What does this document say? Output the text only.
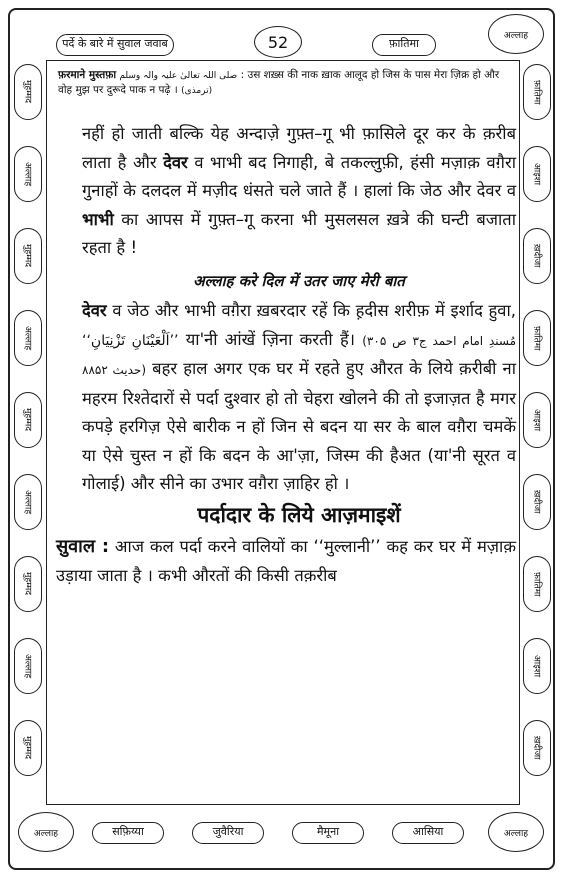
पर्दे के बारे में सुवाल जवाब	52	फ़ातिमा
अल्लाह
मुह़म्मद
अल्लाह
मुह़म्मद
अल्लाह
मुह़म्मद
अल्लाह
मुह़म्मद
अल्लाह
मुह़म्मद
फ़ातिमा
आइशा
ख़दीजा
फ़ातिमा
आइशा
ख़दीजा
फ़ातिमा
आइशा
ख़दीजा
फ़रमाने मुस्तफ़ा صلی اللہ تعالیٰ علیہ والہ وسلم : उस शख़्स की नाक ख़ाक आलूद हो जिस के पास मेरा ज़िक्र हो और वोह मुझ पर दुरूदे पाक न पढ़े । (ترمذی)

नहीं हो जाती बल्कि येह अन्दाज़े गुफ़्त–गू भी फ़ासिले दूर कर के क़रीब लाता है और देवर व भाभी बद निगाही, बे तकल्लुफ़ी, हंसी मज़ाक़ वग़ैरा गुनाहों के दलदल में मज़ीद धंसते चले जाते हैं । हालां कि जेठ और देवर व भाभी का आपस में गुफ़्त–गू करना भी मुसलसल ख़त्रे की घन्टी बजाता रहता है !

अल्लाह करे दिल में उतर जाए मेरी बात

देवर व जेठ और भाभी वग़ैरा ख़बरदार रहें कि ह़दीस शरीफ़ में इर्शाद हुवा, ‘‘اَلْعَيْنَانِ تَزْنِيَانِ’’ या'नी आंखें ज़िना करती हैं। (مُسندِ امام احمد ج۳ ص ۳۰۵ حدیث ۸۸۵۲) बहर हाल अगर एक घर में रहते हुए औरत के लिये क़रीबी ना महरम रिश्तेदारों से पर्दा दुश्वार हो तो चेहरा खोलने की तो इजाज़त है मगर कपड़े हरगिज़ ऐसे बारीक न हों जिन से बदन या सर के बाल वग़ैरा चमकें या ऐसे चुस्त न हों कि बदन के आ'ज़ा, जिस्म की हैअत (या'नी सूरत व गोलाई) और सीने का उभार वग़ैरा ज़ाहिर हो ।

पर्दादार के लिये आज़माइशें

सुवाल : आज कल पर्दा करने वालियों का ‘‘मुल्लानी’’ कह कर घर में मज़ाक़ उड़ाया जाता है । कभी औरतों की किसी तक़रीब

अल्लाह	सफ़िय्या	जुवैरिया	मैमूना	आसिया	अल्लाह
